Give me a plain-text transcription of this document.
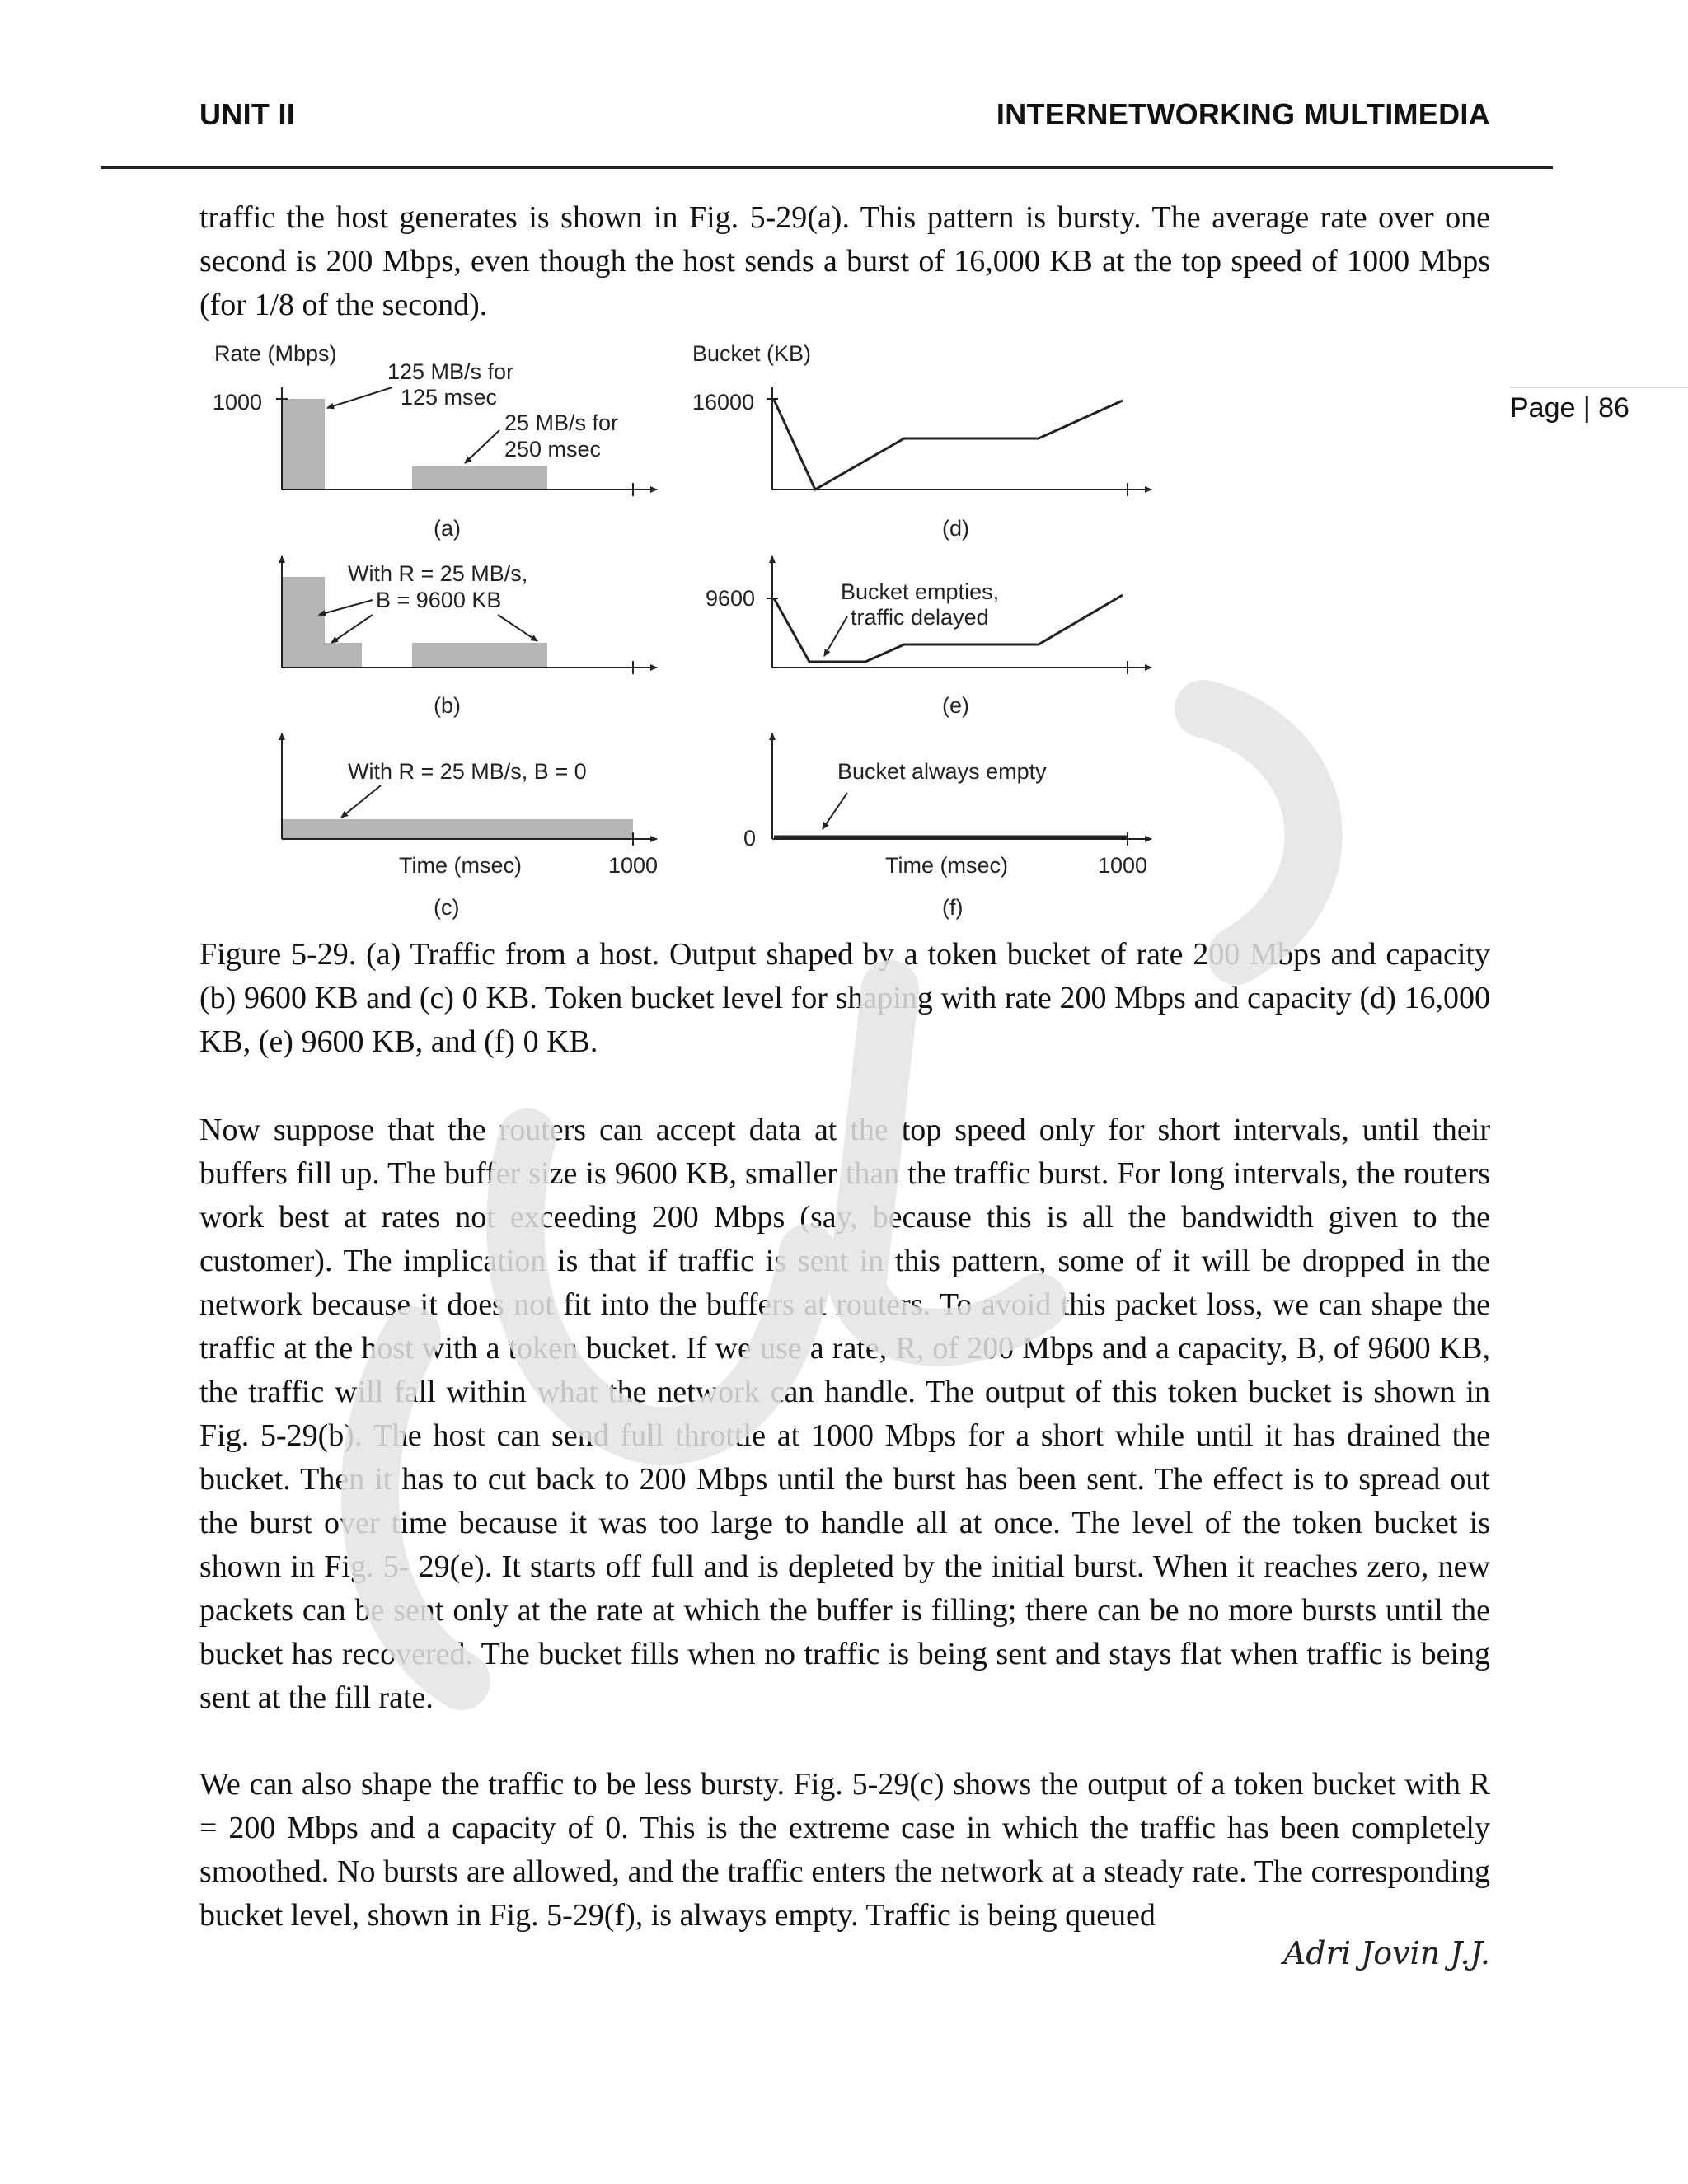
UNIT II	INTERNETWORKING MULTIMEDIA
Page | 86

traffic the host generates is shown in Fig. 5-29(a). This pattern is bursty. The average rate over one second is 200 Mbps, even though the host sends a burst of 16,000 KB at the top speed of 1000 Mbps (for 1/8 of the second).

Rate (Mbps)
1000
125 MB/s for
125 msec
25 MB/s for
250 msec
(a)
Bucket (KB)
16000
(d)
With R = 25 MB/s,
B = 9600 KB
(b)
9600	Bucket empties,
traffic delayed
(e)
With R = 25 MB/s, B = 0
Time (msec)	1000
(c)
0
Bucket always empty
Time (msec)	1000
(f)

Figure 5-29. (a) Traffic from a host. Output shaped by a token bucket of rate 200 Mbps and capacity (b) 9600 KB and (c) 0 KB. Token bucket level for shaping with rate 200 Mbps and capacity (d) 16,000 KB, (e) 9600 KB, and (f) 0 KB.

Now suppose that the routers can accept data at the top speed only for short intervals, until their buffers fill up. The buffer size is 9600 KB, smaller than the traffic burst. For long intervals, the routers work best at rates not exceeding 200 Mbps (say, because this is all the bandwidth given to the customer). The implication is that if traffic is sent in this pattern, some of it will be dropped in the network because it does not fit into the buffers at routers. To avoid this packet loss, we can shape the traffic at the host with a token bucket. If we use a rate, R, of 200 Mbps and a capacity, B, of 9600 KB, the traffic will fall within what the network can handle. The output of this token bucket is shown in Fig. 5-29(b). The host can send full throttle at 1000 Mbps for a short while until it has drained the bucket. Then it has to cut back to 200 Mbps until the burst has been sent. The effect is to spread out the burst over time because it was too large to handle all at once. The level of the token bucket is shown in Fig. 5- 29(e). It starts off full and is depleted by the initial burst. When it reaches zero, new packets can be sent only at the rate at which the buffer is filling; there can be no more bursts until the bucket has recovered. The bucket fills when no traffic is being sent and stays flat when traffic is being sent at the fill rate.

We can also shape the traffic to be less bursty. Fig. 5-29(c) shows the output of a token bucket with R = 200 Mbps and a capacity of 0. This is the extreme case in which the traffic has been completely smoothed. No bursts are allowed, and the traffic enters the network at a steady rate. The corresponding bucket level, shown in Fig. 5-29(f), is always empty. Traffic is being queued

Adri Jovin J.J.
